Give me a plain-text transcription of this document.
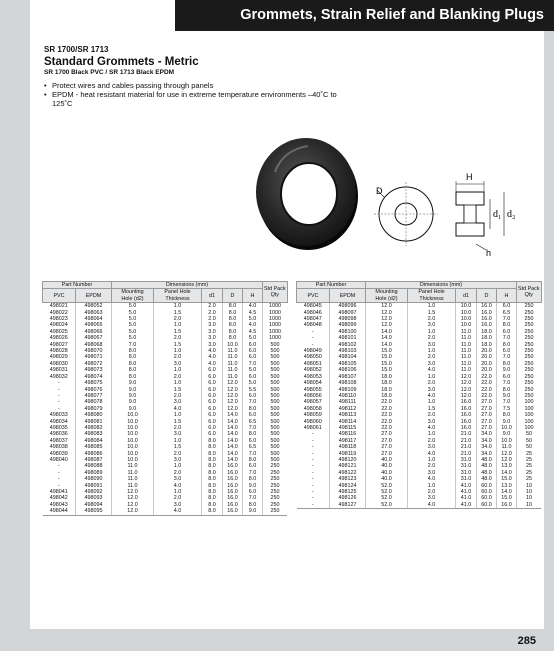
Grommets, Strain Relief and Blanking Plugs
SR 1700/SR 1713
Standard Grommets - Metric
SR 1700 Black PVC / SR 1713 Black EPDM
• Protect wires and cables passing through panels
• EPDM - heat resistant material for use in extreme temperature environments –40˚C to 125˚C
D
H
d₁ d₂
h
Part Number		Dimensions (mm)					Std Pack
Qty
PVC	EPDM	Mounting
Hole (d2)	Panel Hole
Thickness	d1	D	H	
498021	498052	5.0	1.0	2.0	8.0	4.0	1000
498022	498063	5.0	1.5	2.0	8.0	4.5	1000
498023	498064	5.0	2.0	2.0	8.0	5.0	1000
498024	498065	5.0	1.0	3.0	8.0	4.0	1000
498025	498066	5.0	1.5	3.0	8.0	4.5	1000
498026	498067	5.0	2.0	3.0	8.0	5.0	1000
498027	498068	7.0	1.5	3.0	10.0	6.0	500
498028	498070	8.0	1.0	4.0	11.0	6.0	500
498029	498071	8.0	2.0	4.0	11.0	6.0	500
498030	498072	8.0	3.0	4.0	11.0	7.0	500
498031	498073	8.0	1.0	6.0	11.0	5.0	500
498032	498074	8.0	2.0	6.0	11.0	6.0	500
-	498075	9.0	1.0	6.0	12.0	5.0	500
-	498076	9.0	1.5	6.0	12.0	5.5	500
-	498077	9.0	2.0	6.0	12.0	6.0	500
-	498078	9.0	3.0	6.0	12.0	7.0	500
-	498079	9.0	4.0	6.0	12.0	8.0	500
498033	498080	10.0	1.0	6.0	14.0	6.0	500
498034	498081	10.0	1.5	6.0	14.0	6.5	500
498035	498082	10.0	2.0	6.0	14.0	7.0	500
498036	498083	10.0	3.0	6.0	14.0	8.0	500
498037	498084	10.0	1.0	8.0	14.0	6.0	500
498038	498085	10.0	1.5	8.0	14.0	6.5	500
498039	498086	10.0	2.0	8.0	14.0	7.0	500
498040	498087	10.0	3.0	8.0	14.0	8.0	500
-	498088	11.0	1.0	8.0	16.0	6.0	250
-	498089	11.0	2.0	8.0	16.0	7.0	250
-	498090	11.0	3.0	8.0	16.0	8.0	250
-	498091	11.0	4.0	8.0	16.0	9.0	250
498041	498092	12.0	1.0	8.0	16.0	6.0	250
498042	498093	12.0	2.0	8.0	16.0	7.0	250
498043	498094	12.0	3.0	8.0	16.0	8.0	250
498044	498095	12.0	4.0	8.0	16.0	9.0	250
Part Number		Dimensions (mm)					Std Pack
Qty
PVC	EPDM	Mounting
Hole (d2)	Panel Hole
Thickness	d1	D	H	
498045	498096	12.0	1.0	10.0	16.0	6.0	250
498046	498097	12.0	1.5	10.0	16.0	6.5	250
498047	498098	12.0	2.0	10.0	16.0	7.0	250
498048	498099	12.0	3.0	10.0	16.0	8.0	250
-	498100	14.0	1.0	11.0	18.0	6.0	250
-	498101	14.0	2.0	11.0	18.0	7.0	250
-	498102	14.0	3.0	11.0	18.0	8.0	250
498049	498103	15.0	1.0	11.0	20.0	6.0	250
498050	498104	15.0	2.0	11.0	20.0	7.0	250
498051	498105	15.0	3.0	11.0	20.0	8.0	250
498052	498106	15.0	4.0	11.0	20.0	9.0	250
498053	498107	18.0	1.0	12.0	22.0	6.0	250
498054	498108	18.0	2.0	12.0	22.0	7.0	250
498055	498109	18.0	3.0	12.0	22.0	8.0	250
498056	498110	18.0	4.0	12.0	22.0	9.0	250
498057	498111	22.0	1.0	16.0	27.0	7.0	100
498058	498112	22.0	1.5	16.0	27.0	7.5	100
498059	498113	22.0	2.0	16.0	27.0	8.0	100
498060	498114	22.0	3.0	16.0	27.0	9.0	100
498061	498115	22.0	4.0	16.0	27.0	10.0	100
-	498116	27.0	1.0	21.0	34.0	9.0	50
-	498117	27.0	2.0	21.0	34.0	10.0	50
-	498118	27.0	3.0	21.0	34.0	11.0	50
-	498119	27.0	4.0	21.0	34.0	12.0	25
-	498120	40.0	1.0	31.0	48.0	12.0	25
-	498121	40.0	2.0	31.0	48.0	13.0	25
-	498122	40.0	3.0	31.0	48.0	14.0	25
-	498123	40.0	4.0	31.0	48.0	15.0	25
-	498124	52.0	1.0	41.0	60.0	13.0	10
-	498125	52.0	2.0	41.0	60.0	14.0	10
-	498126	52.0	3.0	41.0	60.0	15.0	10
-	498127	52.0	4.0	41.0	60.0	16.0	10
285
